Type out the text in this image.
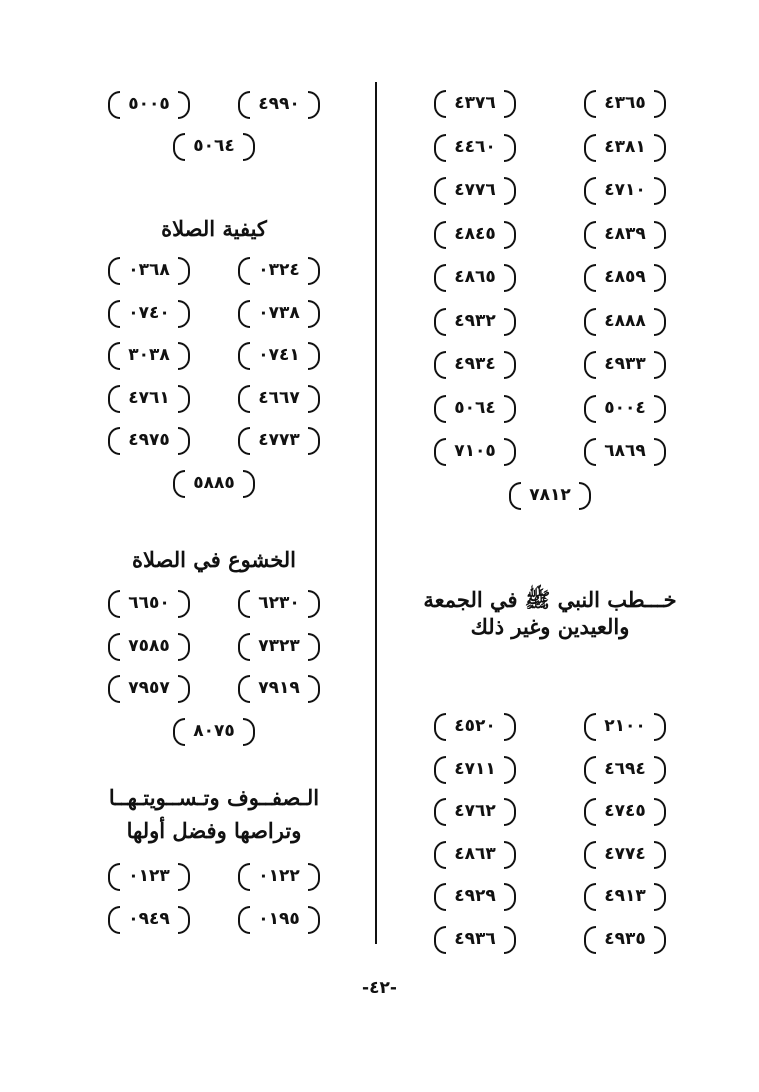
٤٣٦٥
٤٣٧٦
٤٣٨١
٤٤٦٠
٤٧١٠
٤٧٧٦
٤٨٣٩
٤٨٤٥
٤٨٥٩
٤٨٦٥
٤٨٨٨
٤٩٣٢
٤٩٣٣
٤٩٣٤
٥٠٠٤
٥٠٦٤
٦٨٦٩
٧١٠٥
٧٨١٢
خـــطب النبي ﷺ في الجمعة
والعيدين وغير ذلك
٢١٠٠
٤٥٢٠
٤٦٩٤
٤٧١١
٤٧٤٥
٤٧٦٢
٤٧٧٤
٤٨٦٣
٤٩١٣
٤٩٢٩
٤٩٣٥
٤٩٣٦
٤٩٩٠
٥٠٠٥
٥٠٦٤
كيفية الصلاة
٠٣٢٤
٠٣٦٨
٠٧٣٨
٠٧٤٠
٠٧٤١
٣٠٣٨
٤٦٦٧
٤٧٦١
٤٧٧٣
٤٩٧٥
٥٨٨٥
الخشوع في الصلاة
٦٢٣٠
٦٦٥٠
٧٣٢٣
٧٥٨٥
٧٩١٩
٧٩٥٧
٨٠٧٥
الـصفــوف وتـســويتـهــا
وتراصها وفضل أولها
٠١٢٢
٠١٢٣
٠١٩٥
٠٩٤٩
-٤٢-
